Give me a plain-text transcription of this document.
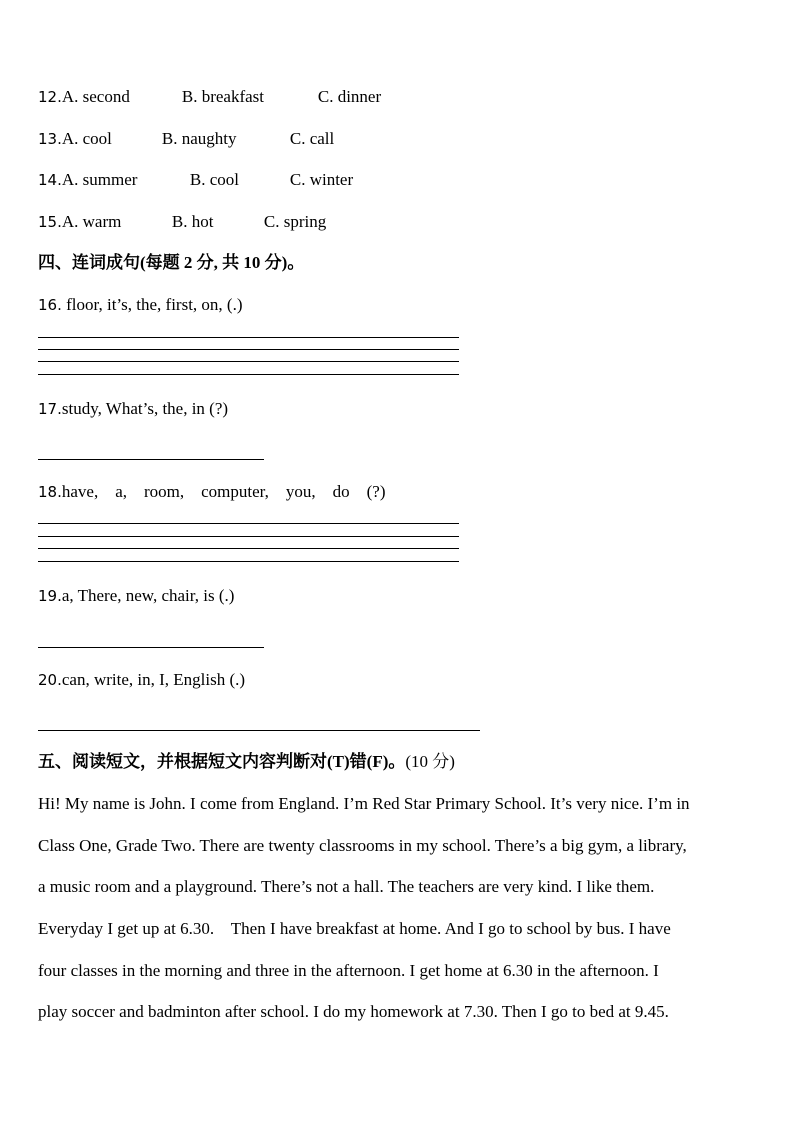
12.A. second	B. breakfast	C. dinner
13.A. cool	B. naughty	C. call
14.A. summer	B. cool	C. winter
15.A. warm	B. hot	C. spring
四、连词成句(每题 2 分, 共 10 分)。
16. floor, it’s, the, first, on, (.)
17.study, What’s, the, in (?)
18.have,    a,    room,    computer,    you,    do    (?)
19.a, There, new, chair, is (.)
20.can, write, in, I, English (.)
五、阅读短文，并根据短文内容判断对(T)错(F)。(10 分)
Hi! My name is John. I come from England. I’m Red Star Primary School. It’s very nice. I’m in
Class One, Grade Two. There are twenty classrooms in my school. There’s a big gym, a library,
a music room and a playground. There’s not a hall. The teachers are very kind. I like them.
Everyday I get up at 6.30.    Then I have breakfast at home. And I go to school by bus. I have
four classes in the morning and three in the afternoon. I get home at 6.30 in the afternoon. I
play soccer and badminton after school. I do my homework at 7.30. Then I go to bed at 9.45.
